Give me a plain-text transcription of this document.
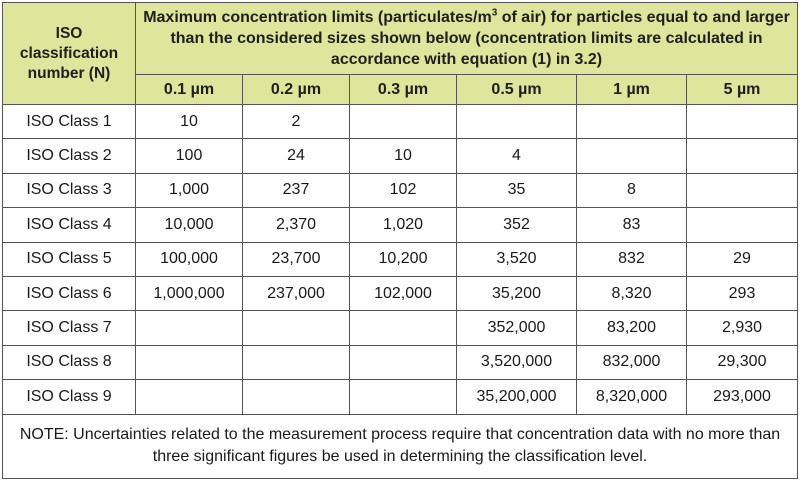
ISO classification number (N)	Maximum concentration limits ($particulates/m^3$ of air) for particles equal to and larger than the considered sizes shown below (concentration limits are calculated in accordance with equation (1) in 3.2)					
	0.1 µm	0.2 µm	0.3 µm	0.5 µm	1 µm	5 µm
ISO Class 1	10	2				
ISO Class 2	100	24	10	4		
ISO Class 3	1,000	237	102	35	8	
ISO Class 4	10,000	2,370	1,020	352	83	
ISO Class 5	100,000	23,700	10,200	3,520	832	29
ISO Class 6	1,000,000	237,000	102,000	35,200	8,320	293
ISO Class 7				352,000	83,200	2,930
ISO Class 8				3,520,000	832,000	29,300
ISO Class 9				35,200,000	8,320,000	293,000
NOTE: Uncertainties related to the measurement process require that concentration data with no more than three significant figures be used in determining the classification level.						
